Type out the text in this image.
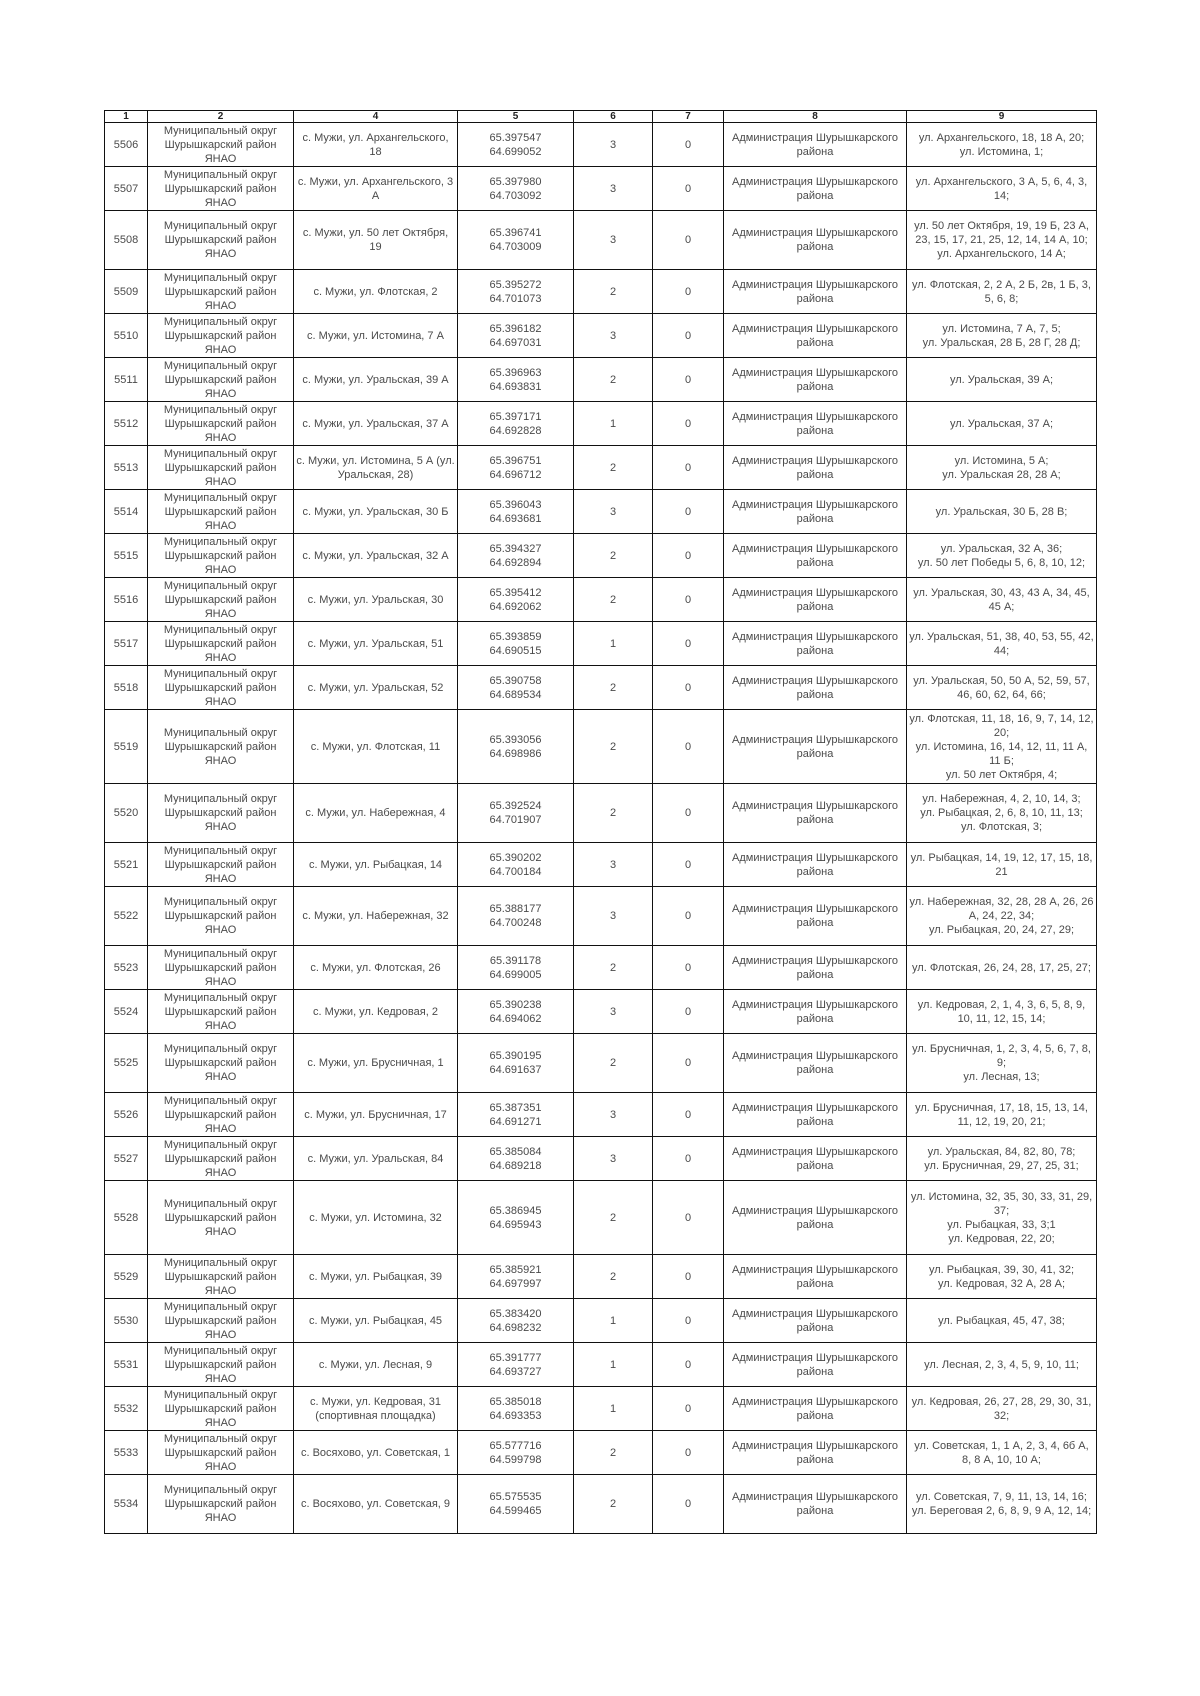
1	2	4	5	6	7	8	9
5506	Муниципальный округ Шурышкарский район ЯНАО	с. Мужи, ул. Архангельского, 18	65.397547
64.699052	3	0	Администрация Шурышкарского района	ул. Архангельского, 18, 18 А, 20;
ул. Истомина, 1;

5507	Муниципальный округ Шурышкарский район ЯНАО	с. Мужи, ул. Архангельского, 3 А	65.397980
64.703092	3	0	Администрация Шурышкарского района	ул. Архангельского, 3 А, 5, 6, 4, 3, 14;

5508	Муниципальный округ Шурышкарский район ЯНАО	с. Мужи, ул. 50 лет Октября, 19	65.396741
64.703009	3	0	Администрация Шурышкарского района	ул. 50 лет Октября, 19, 19 Б, 23 А, 23, 15, 17, 21, 25, 12, 14, 14 А, 10;
ул. Архангельского, 14 А;

5509	Муниципальный округ Шурышкарский район ЯНАО	с. Мужи, ул. Флотская, 2	65.395272
64.701073	2	0	Администрация Шурышкарского района	ул. Флотская, 2, 2 А, 2 Б, 2в, 1 Б, 3, 5, 6, 8;

5510	Муниципальный округ Шурышкарский район ЯНАО	с. Мужи, ул. Истомина, 7 А	65.396182
64.697031	3	0	Администрация Шурышкарского района	ул. Истомина, 7 А, 7, 5;
ул. Уральская, 28 Б, 28 Г, 28 Д;

5511	Муниципальный округ Шурышкарский район ЯНАО	с. Мужи, ул. Уральская, 39 А	65.396963
64.693831	2	0	Администрация Шурышкарского района	ул. Уральская, 39 А;

5512	Муниципальный округ Шурышкарский район ЯНАО	с. Мужи, ул. Уральская, 37 А	65.397171
64.692828	1	0	Администрация Шурышкарского района	ул. Уральская, 37 А;

5513	Муниципальный округ Шурышкарский район ЯНАО	с. Мужи, ул. Истомина, 5 А (ул. Уральская, 28)	65.396751
64.696712	2	0	Администрация Шурышкарского района	ул. Истомина, 5 А;
ул. Уральская 28, 28 А;

5514	Муниципальный округ Шурышкарский район ЯНАО	с. Мужи, ул. Уральская, 30 Б	65.396043
64.693681	3	0	Администрация Шурышкарского района	ул. Уральская, 30 Б, 28 В;

5515	Муниципальный округ Шурышкарский район ЯНАО	с. Мужи, ул. Уральская, 32 А	65.394327
64.692894	2	0	Администрация Шурышкарского района	ул. Уральская, 32 А, 36;
ул. 50 лет Победы 5, 6, 8, 10, 12;

5516	Муниципальный округ Шурышкарский район ЯНАО	с. Мужи, ул. Уральская, 30	65.395412
64.692062	2	0	Администрация Шурышкарского района	ул. Уральская, 30, 43, 43 А, 34, 45, 45 А;

5517	Муниципальный округ Шурышкарский район ЯНАО	с. Мужи, ул. Уральская, 51	65.393859
64.690515	1	0	Администрация Шурышкарского района	ул. Уральская, 51, 38, 40, 53, 55, 42, 44;

5518	Муниципальный округ Шурышкарский район ЯНАО	с. Мужи, ул. Уральская, 52	65.390758
64.689534	2	0	Администрация Шурышкарского района	ул. Уральская, 50, 50 А, 52, 59, 57, 46, 60, 62, 64, 66;

5519	Муниципальный округ Шурышкарский район ЯНАО	с. Мужи, ул. Флотская, 11	65.393056
64.698986	2	0	Администрация Шурышкарского района	ул. Флотская, 11, 18, 16, 9, 7, 14, 12, 20;
ул. Истомина, 16, 14, 12, 11, 11 А, 11 Б;
ул. 50 лет Октября, 4;

5520	Муниципальный округ Шурышкарский район ЯНАО	с. Мужи, ул. Набережная, 4	65.392524
64.701907	2	0	Администрация Шурышкарского района	ул. Набережная, 4, 2, 10, 14, 3;
ул. Рыбацкая, 2, 6, 8, 10, 11, 13;
ул. Флотская, 3;

5521	Муниципальный округ Шурышкарский район ЯНАО	с. Мужи, ул. Рыбацкая, 14	65.390202
64.700184	3	0	Администрация Шурышкарского района	ул. Рыбацкая, 14, 19, 12, 17, 15, 18, 21

5522	Муниципальный округ Шурышкарский район ЯНАО	с. Мужи, ул. Набережная, 32	65.388177
64.700248	3	0	Администрация Шурышкарского района	ул. Набережная, 32, 28, 28 А, 26, 26 А, 24, 22, 34;
ул. Рыбацкая, 20, 24, 27, 29;

5523	Муниципальный округ Шурышкарский район ЯНАО	с. Мужи, ул. Флотская, 26	65.391178
64.699005	2	0	Администрация Шурышкарского района	ул. Флотская, 26, 24, 28, 17, 25, 27;

5524	Муниципальный округ Шурышкарский район ЯНАО	с. Мужи, ул. Кедровая, 2	65.390238
64.694062	3	0	Администрация Шурышкарского района	ул. Кедровая, 2, 1, 4, 3, 6, 5, 8, 9, 10, 11, 12, 15, 14;

5525	Муниципальный округ Шурышкарский район ЯНАО	с. Мужи, ул. Брусничная, 1	65.390195
64.691637	2	0	Администрация Шурышкарского района	ул. Брусничная, 1, 2, 3, 4, 5, 6, 7, 8, 9;
ул. Лесная, 13;

5526	Муниципальный округ Шурышкарский район ЯНАО	с. Мужи, ул. Брусничная, 17	65.387351
64.691271	3	0	Администрация Шурышкарского района	ул. Брусничная, 17, 18, 15, 13, 14, 11, 12, 19, 20, 21;

5527	Муниципальный округ Шурышкарский район ЯНАО	с. Мужи, ул. Уральская, 84	65.385084
64.689218	3	0	Администрация Шурышкарского района	ул. Уральская, 84, 82, 80, 78;
ул. Брусничная, 29, 27, 25, 31;

5528	Муниципальный округ Шурышкарский район ЯНАО	с. Мужи, ул. Истомина, 32	65.386945
64.695943	2	0	Администрация Шурышкарского района	ул. Истомина, 32, 35, 30, 33, 31, 29, 37;
ул. Рыбацкая, 33, 3;1
ул. Кедровая, 22, 20;

5529	Муниципальный округ Шурышкарский район ЯНАО	с. Мужи, ул. Рыбацкая, 39	65.385921
64.697997	2	0	Администрация Шурышкарского района	ул. Рыбацкая, 39, 30, 41, 32;
ул. Кедровая, 32 А, 28 А;

5530	Муниципальный округ Шурышкарский район ЯНАО	с. Мужи, ул. Рыбацкая, 45	65.383420
64.698232	1	0	Администрация Шурышкарского района	ул. Рыбацкая, 45, 47, 38;

5531	Муниципальный округ Шурышкарский район ЯНАО	с. Мужи, ул. Лесная, 9	65.391777
64.693727	1	0	Администрация Шурышкарского района	ул. Лесная, 2, 3, 4, 5, 9, 10, 11;

5532	Муниципальный округ Шурышкарский район ЯНАО	с. Мужи, ул. Кедровая, 31 (спортивная площадка)	65.385018
64.693353	1	0	Администрация Шурышкарского района	ул. Кедровая, 26, 27, 28, 29, 30, 31, 32;

5533	Муниципальный округ Шурышкарский район ЯНАО	с. Восяхово, ул. Советская, 1	65.577716
64.599798	2	0	Администрация Шурышкарского района	ул. Советская, 1, 1 А, 2, 3, 4, 6б А, 8, 8 А, 10, 10 А;

5534	Муниципальный округ Шурышкарский район ЯНАО	с. Восяхово, ул. Советская, 9	65.575535
64.599465	2	0	Администрация Шурышкарского района	ул. Советская, 7, 9, 11, 13, 14, 16;
ул. Береговая 2, 6, 8, 9, 9 А, 12, 14;
